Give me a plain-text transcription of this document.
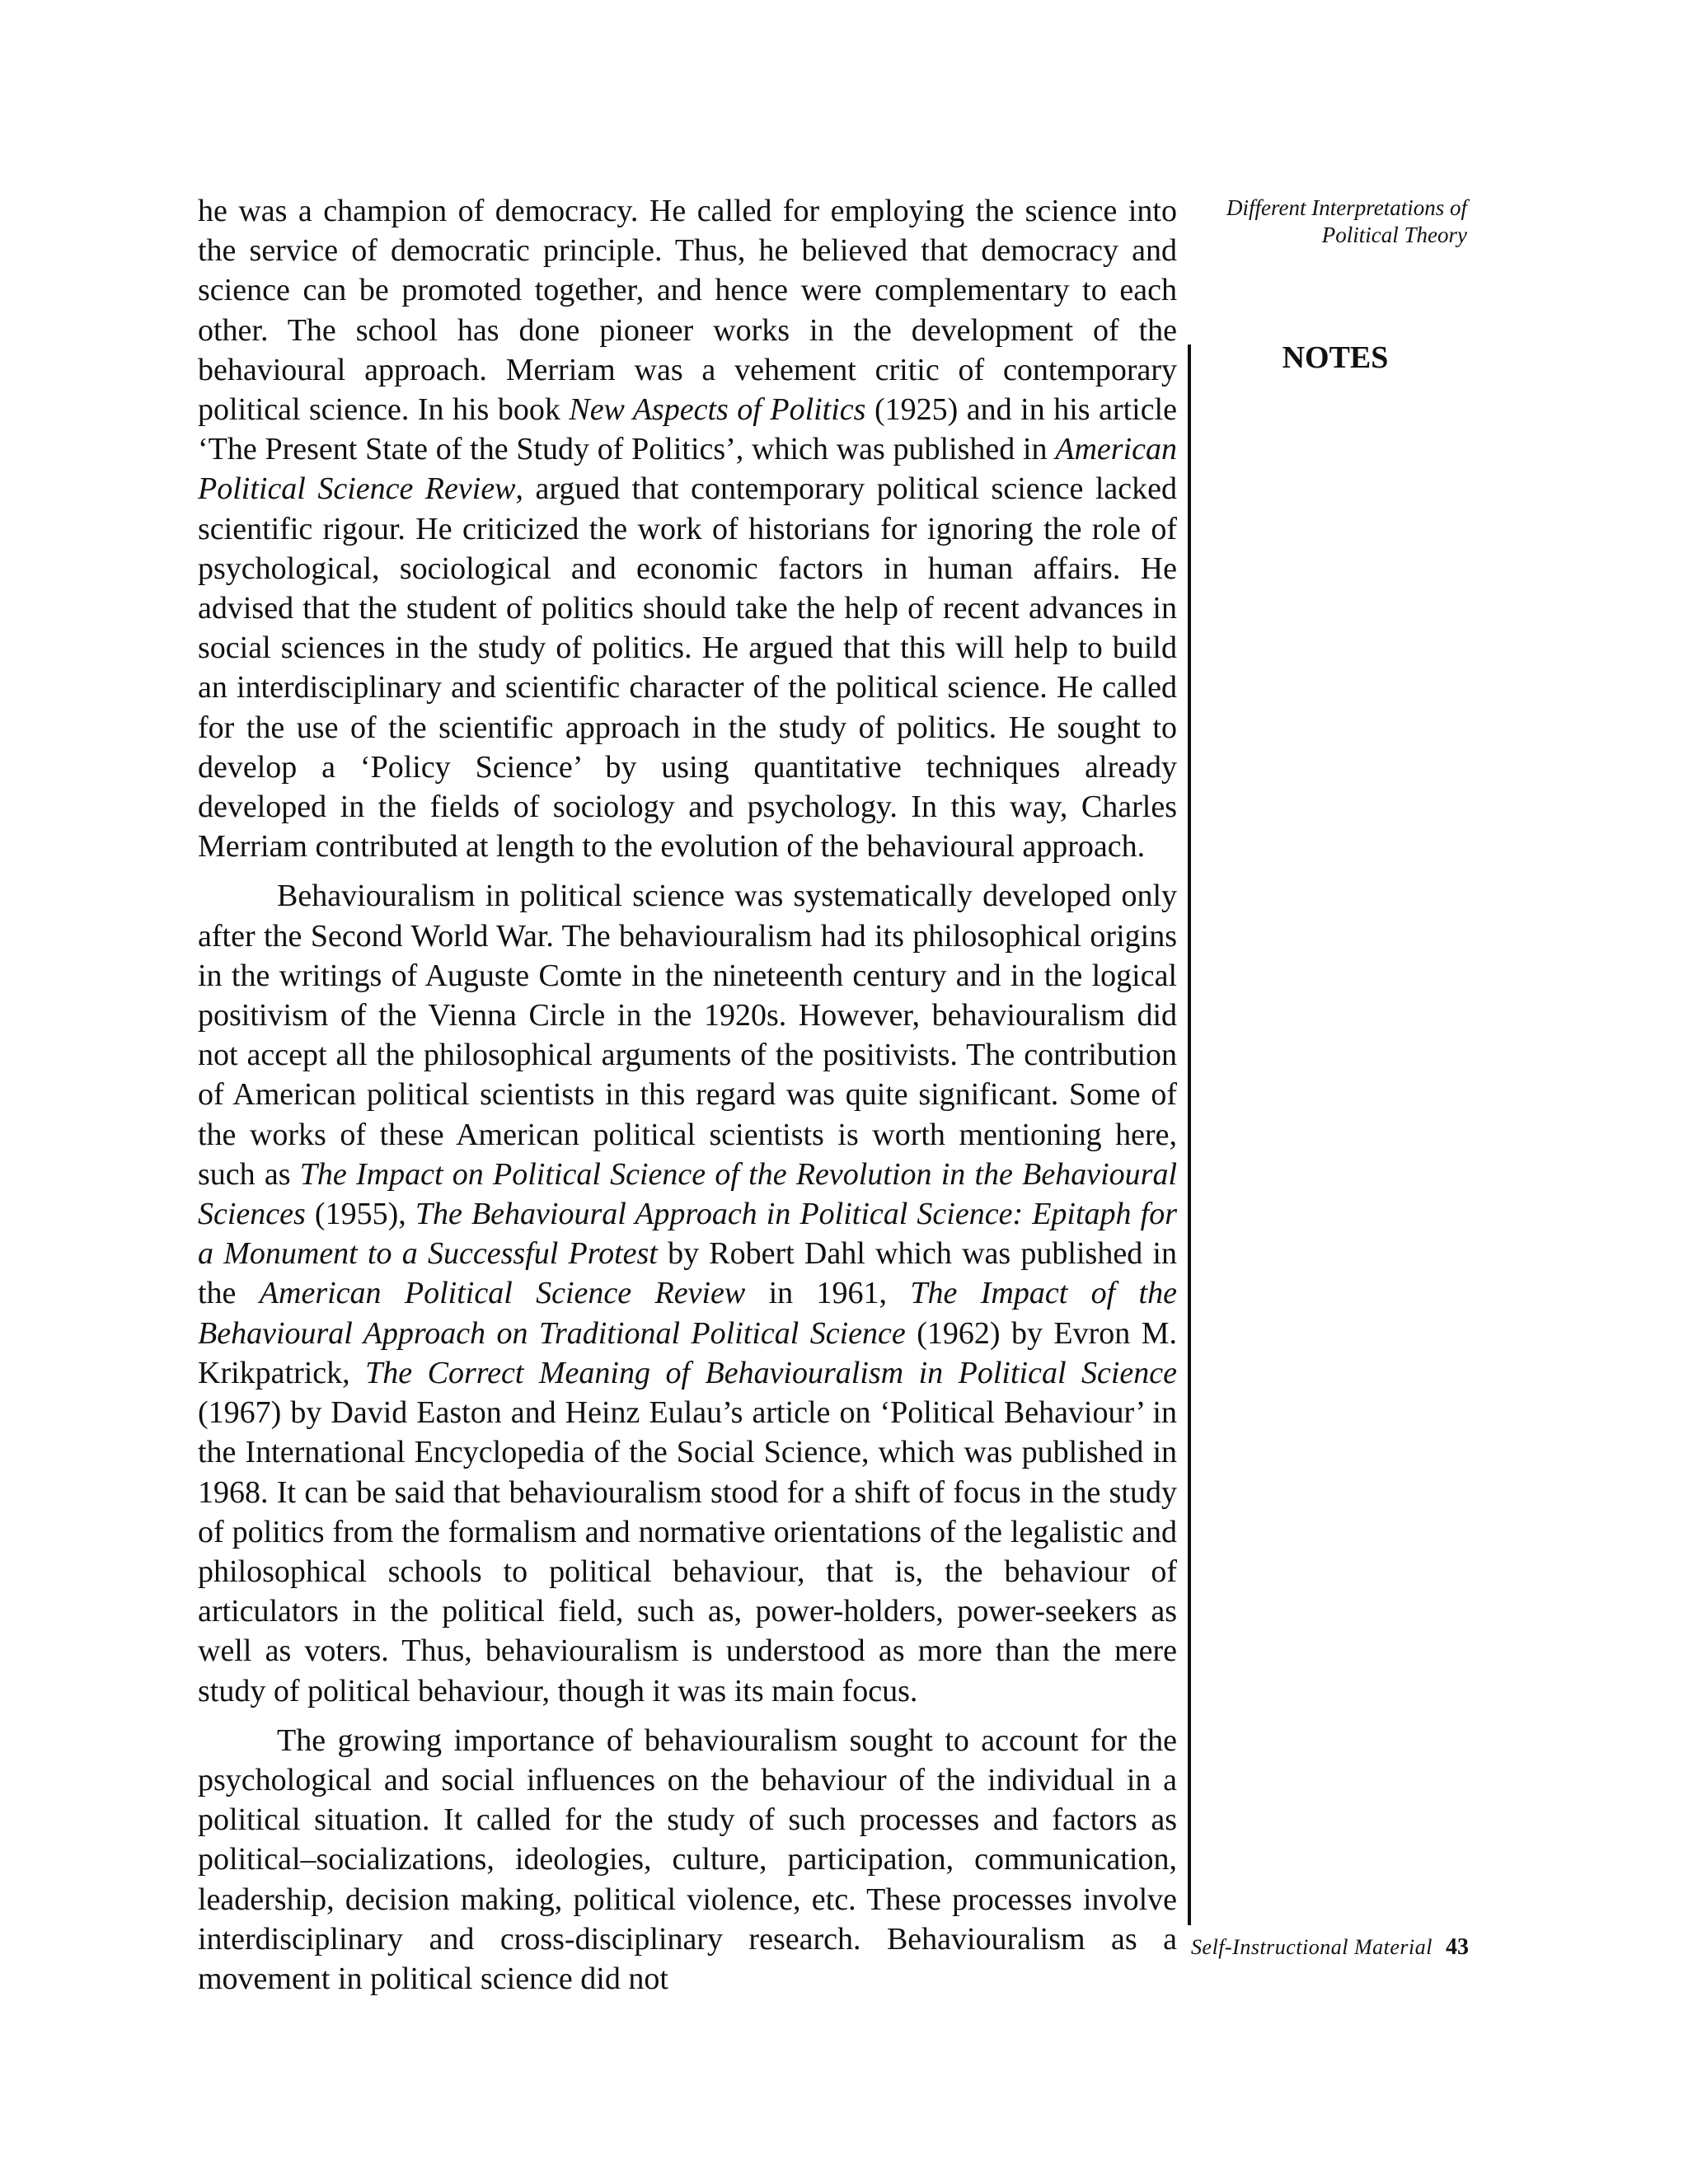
Different Interpretations of
Political Theory
NOTES

he was a champion of democracy. He called for employing the science into the service of democratic principle. Thus, he believed that democracy and science can be promoted together, and hence were complementary to each other. The school has done pioneer works in the development of the behavioural approach. Merriam was a vehement critic of contemporary political science. In his book New Aspects of Politics (1925) and in his article ‘The Present State of the Study of Politics’, which was published in American Political Science Review, argued that contemporary political science lacked scientific rigour. He criticized the work of historians for ignoring the role of psychological, sociological and economic factors in human affairs. He advised that the student of politics should take the help of recent advances in social sciences in the study of politics. He argued that this will help to build an interdisciplinary and scientific character of the political science. He called for the use of the scientific approach in the study of politics. He sought to develop a ‘Policy Science’ by using quantitative techniques already developed in the fields of sociology and psychology. In this way, Charles Merriam contributed at length to the evolution of the behavioural approach.

Behaviouralism in political science was systematically developed only after the Second World War. The behaviouralism had its philosophical origins in the writings of Auguste Comte in the nineteenth century and in the logical positivism of the Vienna Circle in the 1920s. However, behaviouralism did not accept all the philosophical arguments of the positivists. The contribution of American political scientists in this regard was quite significant. Some of the works of these American political scientists is worth mentioning here, such as The Impact on Political Science of the Revolution in the Behavioural Sciences (1955), The Behavioural Approach in Political Science: Epitaph for a Monument to a Successful Protest by Robert Dahl which was published in the American Political Science Review in 1961, The Impact of the Behavioural Approach on Traditional Political Science (1962) by Evron M. Krikpatrick, The Correct Meaning of Behaviouralism in Political Science (1967) by David Easton and Heinz Eulau’s article on ‘Political Behaviour’ in the International Encyclopedia of the Social Science, which was published in 1968. It can be said that behaviouralism stood for a shift of focus in the study of politics from the formalism and normative orientations of the legalistic and philosophical schools to political behaviour, that is, the behaviour of articulators in the political field, such as, power-holders, power-seekers as well as voters. Thus, behaviouralism is understood as more than the mere study of political behaviour, though it was its main focus.

The growing importance of behaviouralism sought to account for the psychological and social influences on the behaviour of the individual in a political situation. It called for the study of such processes and factors as political–socializations, ideologies, culture, participation, communication, leadership, decision making, political violence, etc. These processes involve interdisciplinary and cross-disciplinary research. Behaviouralism as a movement in political science did not

Self-Instructional Material 43
